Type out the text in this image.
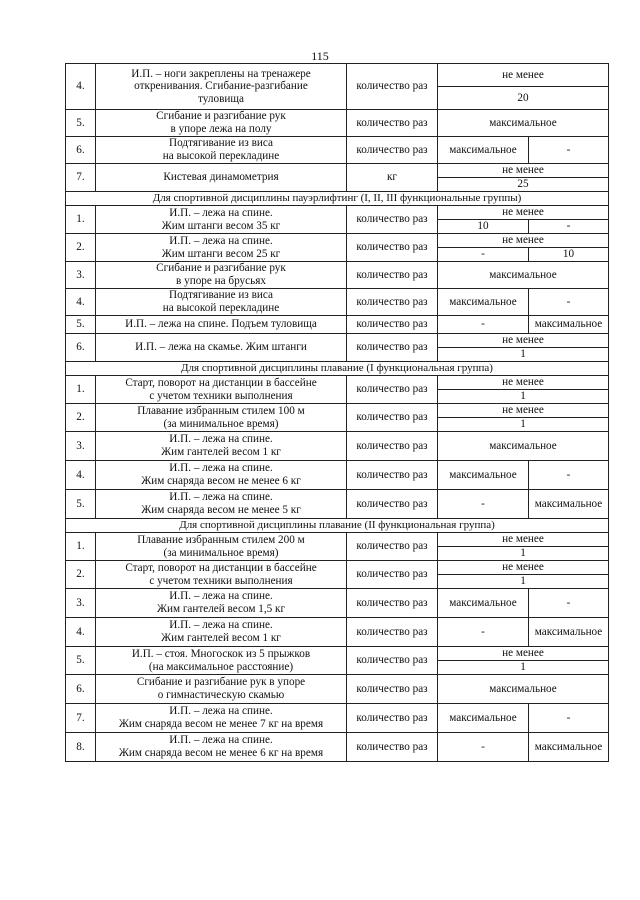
115
4.	И.П. – ноги закреплены на тренажере
откренивания. Сгибание-разгибание
туловища	количество раз	не менее	
			20	
5.	Сгибание и разгибание рук
в упоре лежа на полу	количество раз	максимальное	
6.	Подтягивание из виса
на высокой перекладине	количество раз	максимальное	-
7.	Кистевая динамометрия	кг	не менее	
			25	
Для спортивной дисциплины пауэрлифтинг (I, II, III функциональные группы)				
1.	И.П. – лежа на спине.
Жим штанги весом 35 кг	количество раз	не менее	
			10	-
2.	И.П. – лежа на спине.
Жим штанги весом 25 кг	количество раз	не менее	
			-	10
3.	Сгибание и разгибание рук
в упоре на брусьях	количество раз	максимальное	
4.	Подтягивание из виса
на высокой перекладине	количество раз	максимальное	-
5.	И.П. – лежа на спине. Подъем туловища	количество раз	-	максимальное
6.	И.П. – лежа на скамье. Жим штанги	количество раз	не менее	
			1	
Для спортивной дисциплины плавание (I функциональная группа)				
1.	Старт, поворот на дистанции в бассейне
с учетом техники выполнения	количество раз	не менее	
			1	
2.	Плавание избранным стилем 100 м
(за минимальное время)	количество раз	не менее	
			1	
3.	И.П. – лежа на спине.
Жим гантелей весом 1 кг	количество раз	максимальное	
4.	И.П. – лежа на спине.
Жим снаряда весом не менее 6 кг	количество раз	максимальное	-
5.	И.П. – лежа на спине.
Жим снаряда весом не менее 5 кг	количество раз	-	максимальное
Для спортивной дисциплины плавание (II функциональная группа)				
1.	Плавание избранным стилем 200 м
(за минимальное время)	количество раз	не менее	
			1	
2.	Старт, поворот на дистанции в бассейне
с учетом техники выполнения	количество раз	не менее	
			1	
3.	И.П. – лежа на спине.
Жим гантелей весом 1,5 кг	количество раз	максимальное	-
4.	И.П. – лежа на спине.
Жим гантелей весом 1 кг	количество раз	-	максимальное
5.	И.П. – стоя. Многоскок из 5 прыжков
(на максимальное расстояние)	количество раз	не менее	
			1	
6.	Сгибание и разгибание рук в упоре
о гимнастическую скамью	количество раз	максимальное	
7.	И.П. – лежа на спине.
Жим снаряда весом не менее 7 кг на время	количество раз	максимальное	-
8.	И.П. – лежа на спине.
Жим снаряда весом не менее 6 кг на время	количество раз	-	максимальное
